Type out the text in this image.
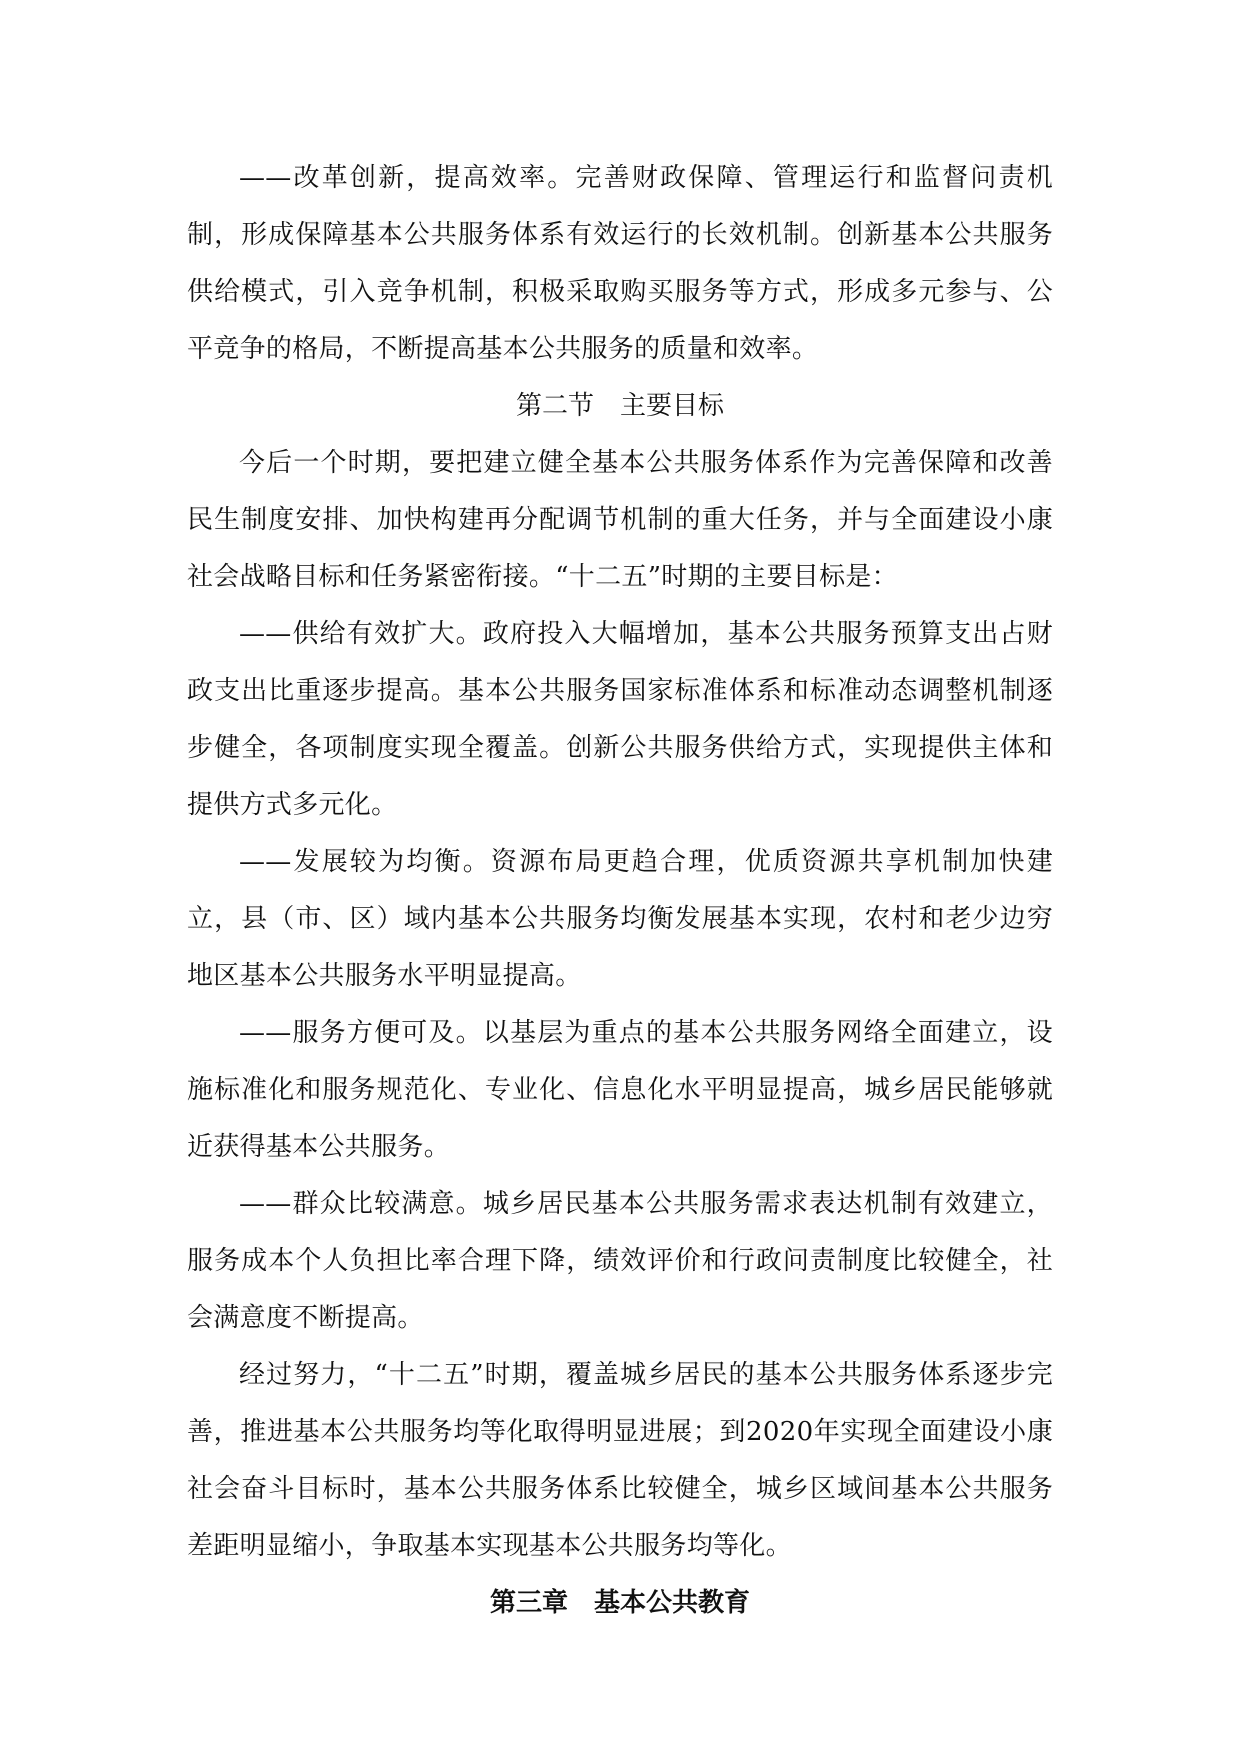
——改革创新，提高效率。完善财政保障、管理运行和监督问责机制，形成保障基本公共服务体系有效运行的长效机制。创新基本公共服务供给模式，引入竞争机制，积极采取购买服务等方式，形成多元参与、公平竞争的格局，不断提高基本公共服务的质量和效率。

第二节　主要目标

今后一个时期，要把建立健全基本公共服务体系作为完善保障和改善民生制度安排、加快构建再分配调节机制的重大任务，并与全面建设小康社会战略目标和任务紧密衔接。“十二五”时期的主要目标是：

——供给有效扩大。政府投入大幅增加，基本公共服务预算支出占财政支出比重逐步提高。基本公共服务国家标准体系和标准动态调整机制逐步健全，各项制度实现全覆盖。创新公共服务供给方式，实现提供主体和提供方式多元化。

——发展较为均衡。资源布局更趋合理，优质资源共享机制加快建立，县（市、区）域内基本公共服务均衡发展基本实现，农村和老少边穷地区基本公共服务水平明显提高。

——服务方便可及。以基层为重点的基本公共服务网络全面建立，设施标准化和服务规范化、专业化、信息化水平明显提高，城乡居民能够就近获得基本公共服务。

——群众比较满意。城乡居民基本公共服务需求表达机制有效建立，服务成本个人负担比率合理下降，绩效评价和行政问责制度比较健全，社会满意度不断提高。

经过努力，“十二五”时期，覆盖城乡居民的基本公共服务体系逐步完善，推进基本公共服务均等化取得明显进展；到2020年实现全面建设小康社会奋斗目标时，基本公共服务体系比较健全，城乡区域间基本公共服务差距明显缩小，争取基本实现基本公共服务均等化。

第三章　基本公共教育
